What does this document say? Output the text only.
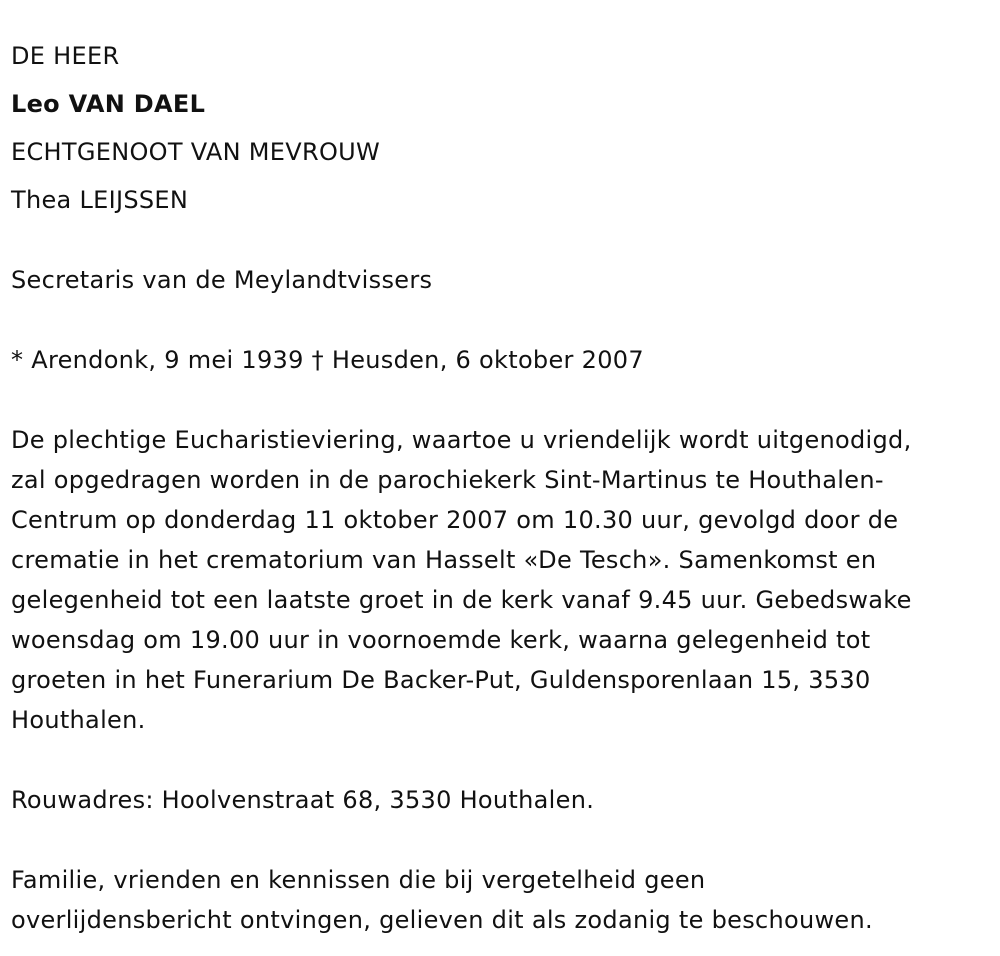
DE HEER
Leo VAN DAEL
ECHTGENOOT VAN MEVROUW
Thea LEIJSSEN
Secretaris van de Meylandtvissers
* Arendonk, 9 mei 1939 † Heusden, 6 oktober 2007
De plechtige Eucharistieviering, waartoe u vriendelijk wordt uitgenodigd,
zal opgedragen worden in de parochiekerk Sint-Martinus te Houthalen-
Centrum op donderdag 11 oktober 2007 om 10.30 uur, gevolgd door de
crematie in het crematorium van Hasselt «De Tesch». Samenkomst en
gelegenheid tot een laatste groet in de kerk vanaf 9.45 uur. Gebedswake
woensdag om 19.00 uur in voornoemde kerk, waarna gelegenheid tot
groeten in het Funerarium De Backer-Put, Guldensporenlaan 15, 3530
Houthalen.
Rouwadres: Hoolvenstraat 68, 3530 Houthalen.
Familie, vrienden en kennissen die bij vergetelheid geen
overlijdensbericht ontvingen, gelieven dit als zodanig te beschouwen.
